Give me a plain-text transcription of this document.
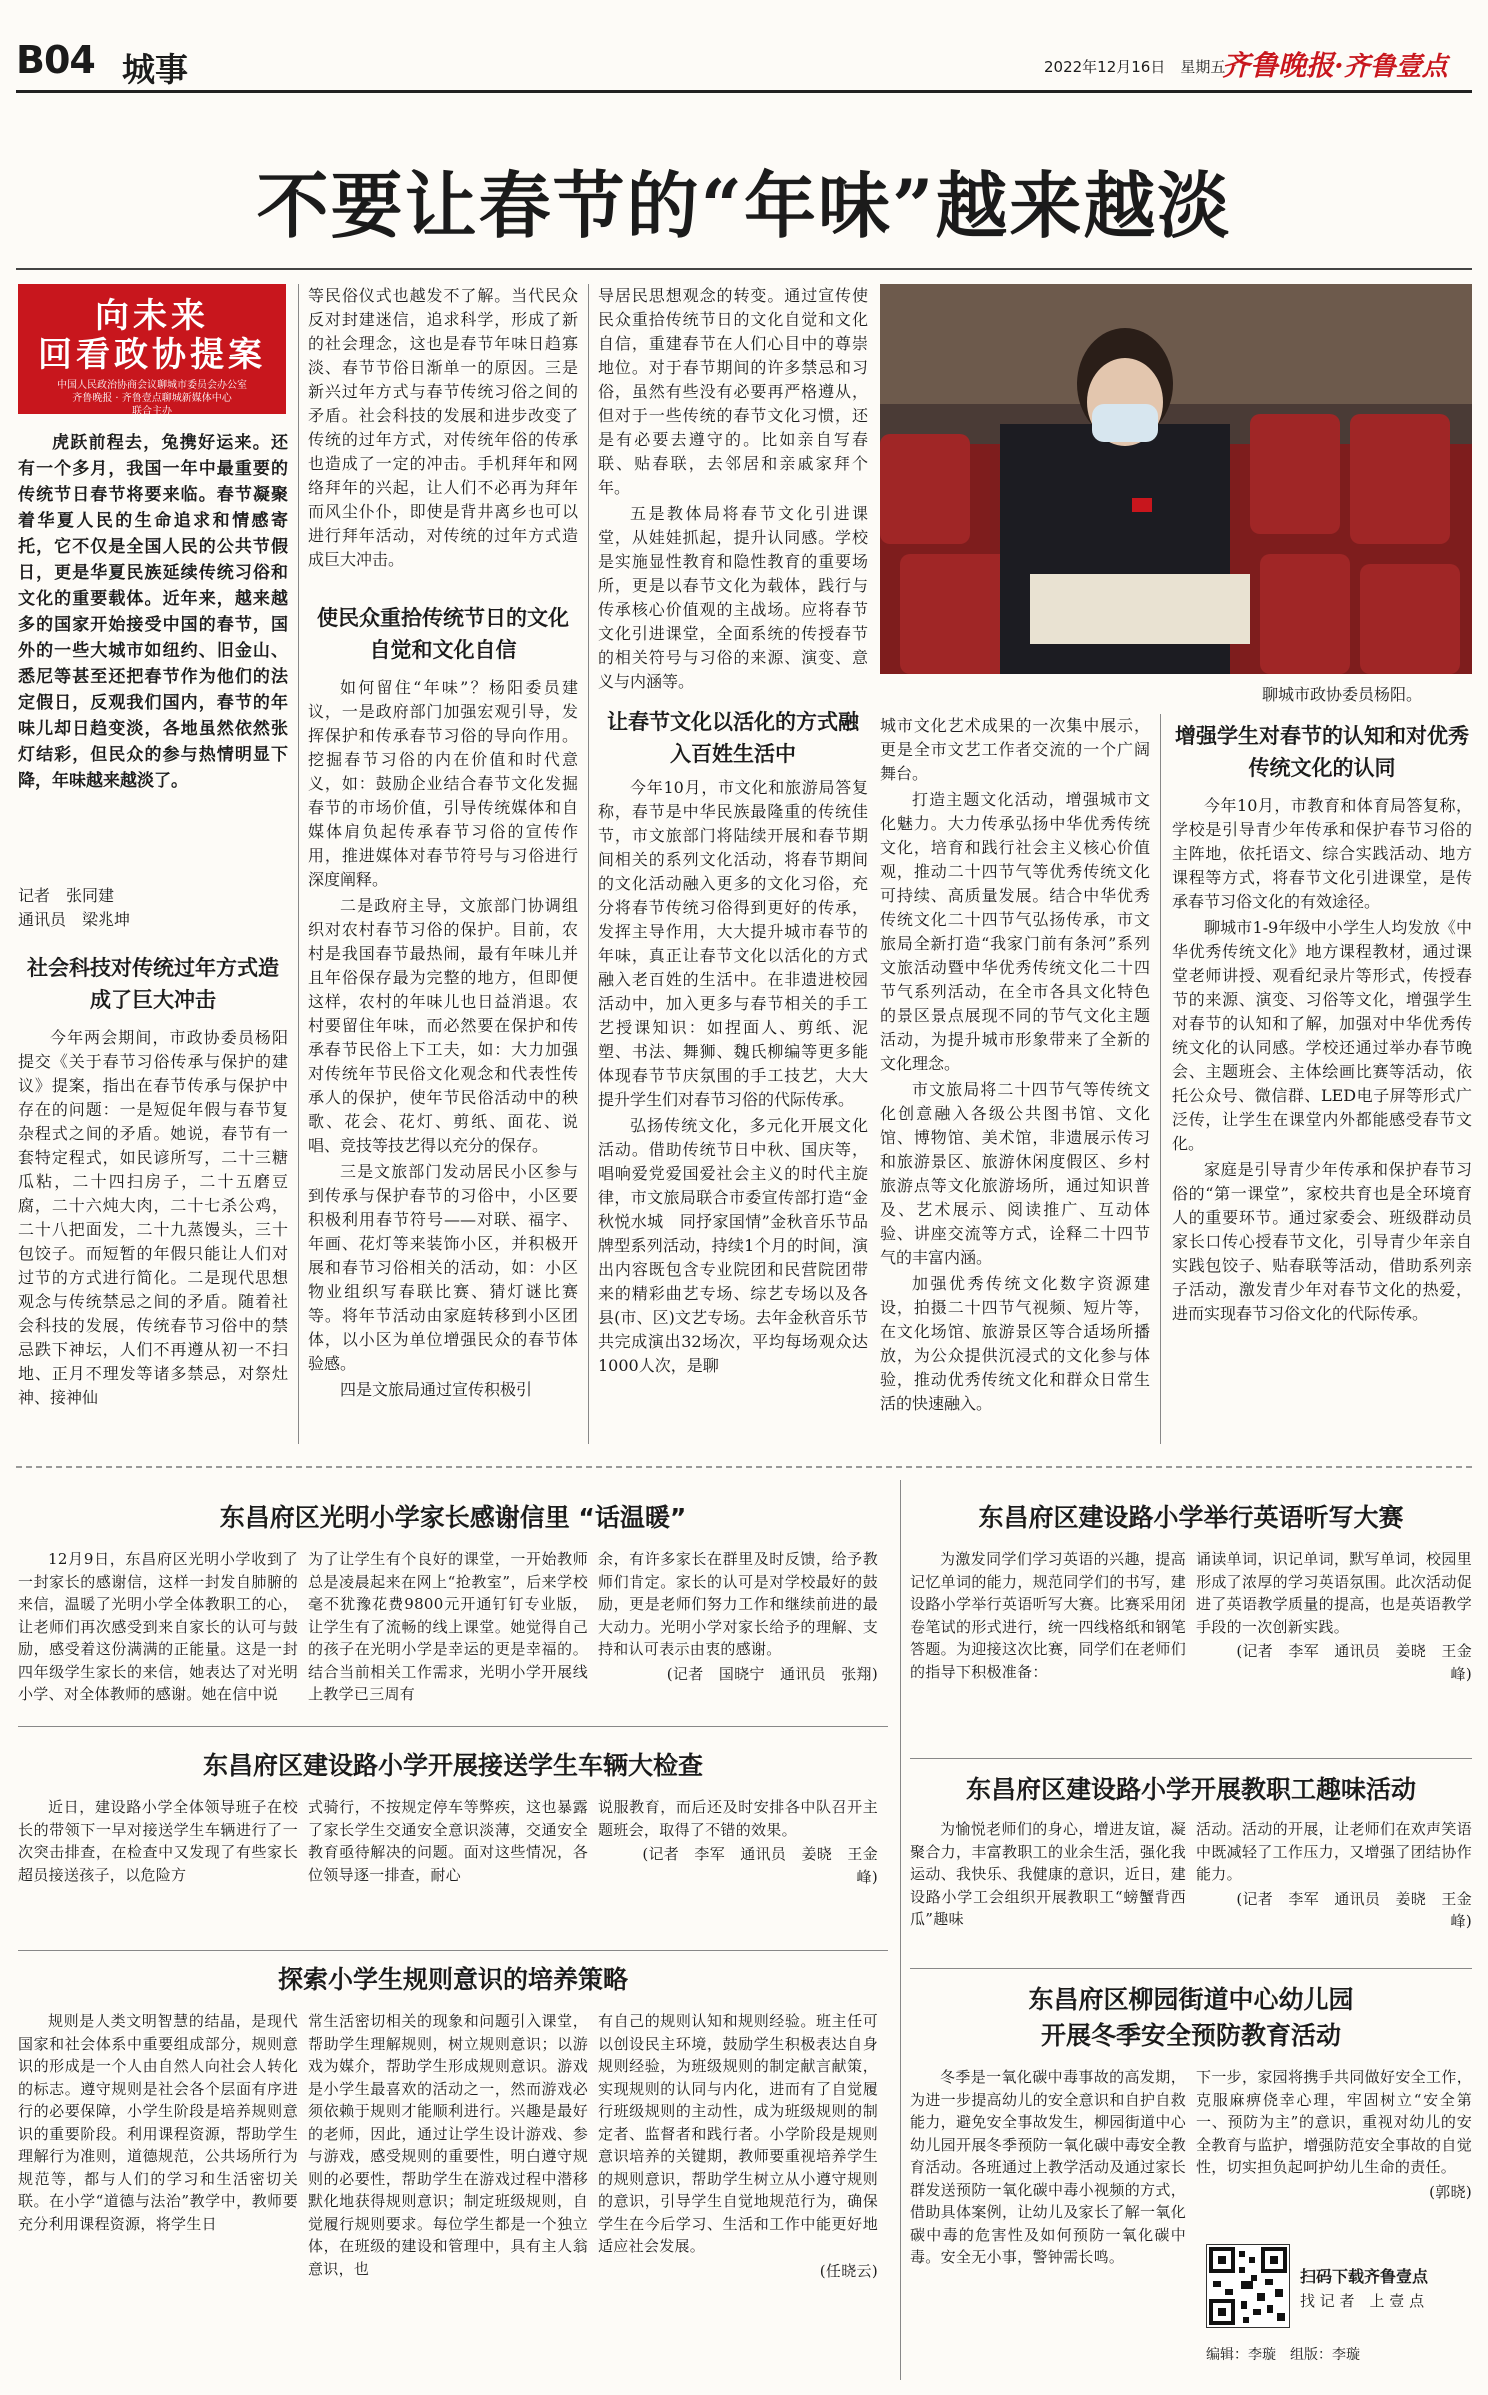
B04 城事	2022年12月16日　 星期五
齐鲁晚报·齐鲁壹点
不要让春节的“年味”越来越淡
向未来
回看政协提案
中国人民政治协商会议聊城市委员会办公室
齐鲁晚报 · 齐鲁壹点聊城新媒体中心
联合主办

虎跃前程去，兔携好运来。还有一个多月，我国一年中最重要的传统节日春节将要来临。春节凝聚着华夏人民的生命追求和情感寄托，它不仅是全国人民的公共节假日，更是华夏民族延续传统习俗和文化的重要载体。近年来，越来越多的国家开始接受中国的春节，国外的一些大城市如纽约、旧金山、悉尼等甚至还把春节作为他们的法定假日，反观我们国内，春节的年味儿却日趋变淡，各地虽然依然张灯结彩，但民众的参与热情明显下降，年味越来越淡了。

记者　张同建
通讯员　梁兆坤
社会科技对传统过年方式造成了巨大冲击

今年两会期间，市政协委员杨阳提交《关于春节习俗传承与保护的建议》提案，指出在春节传承与保护中存在的问题：一是短促年假与春节复杂程式之间的矛盾。她说，春节有一套特定程式，如民谚所写，二十三糖瓜粘，二十四扫房子，二十五磨豆腐，二十六炖大肉，二十七杀公鸡，二十八把面发，二十九蒸馒头，三十包饺子。而短暂的年假只能让人们对过节的方式进行简化。二是现代思想观念与传统禁忌之间的矛盾。随着社会科技的发展，传统春节习俗中的禁忌跌下神坛，人们不再遵从初一不扫地、正月不理发等诸多禁忌，对祭灶神、接神仙

等民俗仪式也越发不了解。当代民众反对封建迷信，追求科学，形成了新的社会理念，这也是春节年味日趋寡淡、春节节俗日渐单一的原因。三是新兴过年方式与春节传统习俗之间的矛盾。社会科技的发展和进步改变了传统的过年方式，对传统年俗的传承也造成了一定的冲击。手机拜年和网络拜年的兴起，让人们不必再为拜年而风尘仆仆，即使是背井离乡也可以进行拜年活动，对传统的过年方式造成巨大冲击。

使民众重拾传统节日的文化自觉和文化自信

如何留住“年味”？杨阳委员建议，一是政府部门加强宏观引导，发挥保护和传承春节习俗的导向作用。挖掘春节习俗的内在价值和时代意义，如：鼓励企业结合春节文化发掘春节的市场价值，引导传统媒体和自媒体肩负起传承春节习俗的宣传作用，推进媒体对春节符号与习俗进行深度阐释。

二是政府主导，文旅部门协调组织对农村春节习俗的保护。目前，农村是我国春节最热闹，最有年味儿并且年俗保存最为完整的地方，但即便这样，农村的年味儿也日益消退。农村要留住年味，而必然要在保护和传承春节民俗上下工夫，如：大力加强对传统年节民俗文化观念和代表性传承人的保护，使年节民俗活动中的秧歌、花会、花灯、剪纸、面花、说唱、竞技等技艺得以充分的保存。

三是文旅部门发动居民小区参与到传承与保护春节的习俗中，小区要积极利用春节符号——对联、福字、年画、花灯等来装饰小区，并积极开展和春节习俗相关的活动，如：小区物业组织写春联比赛、猜灯谜比赛等。将年节活动由家庭转移到小区团体，以小区为单位增强民众的春节体验感。

四是文旅局通过宣传积极引

导居民思想观念的转变。通过宣传使民众重拾传统节日的文化自觉和文化自信，重建春节在人们心目中的尊崇地位。对于春节期间的许多禁忌和习俗，虽然有些没有必要再严格遵从，但对于一些传统的春节文化习惯，还是有必要去遵守的。比如亲自写春联、贴春联，去邻居和亲戚家拜个年。

五是教体局将春节文化引进课堂，从娃娃抓起，提升认同感。学校是实施显性教育和隐性教育的重要场所，更是以春节文化为载体，践行与传承核心价值观的主战场。应将春节文化引进课堂，全面系统的传授春节的相关符号与习俗的来源、演变、意义与内涵等。

让春节文化以活化的方式融入百姓生活中

今年10月，市文化和旅游局答复称，春节是中华民族最隆重的传统佳节，市文旅部门将陆续开展和春节期间相关的系列文化活动，将春节期间的文化活动融入更多的文化习俗，充分将春节传统习俗得到更好的传承，发挥主导作用，大大提升城市春节的年味，真正让春节文化以活化的方式融入老百姓的生活中。在非遗进校园活动中，加入更多与春节相关的手工艺授课知识：如捏面人、剪纸、泥塑、书法、舞狮、魏氏柳编等更多能体现春节节庆氛围的手工技艺，大大提升学生们对春节习俗的代际传承。

弘扬传统文化，多元化开展文化活动。借助传统节日中秋、国庆等，唱响爱党爱国爱社会主义的时代主旋律，市文旅局联合市委宣传部打造“金秋悦水城　同抒家国情”金秋音乐节品牌型系列活动，持续1个月的时间，演出内容既包含专业院团和民营院团带来的精彩曲艺专场、综艺专场以及各县(市、区)文艺专场。去年金秋音乐节共完成演出32场次，平均每场观众达1000人次，是聊

聊城市政协委员杨阳。

城市文化艺术成果的一次集中展示，更是全市文艺工作者交流的一个广阔舞台。

打造主题文化活动，增强城市文化魅力。大力传承弘扬中华优秀传统文化，培育和践行社会主义核心价值观，推动二十四节气等优秀传统文化可持续、高质量发展。结合中华优秀传统文化二十四节气弘扬传承，市文旅局全新打造“我家门前有条河”系列文旅活动暨中华优秀传统文化二十四节气系列活动，在全市各具文化特色的景区景点展现不同的节气文化主题活动，为提升城市形象带来了全新的文化理念。

市文旅局将二十四节气等传统文化创意融入各级公共图书馆、文化馆、博物馆、美术馆，非遗展示传习和旅游景区、旅游休闲度假区、乡村旅游点等文化旅游场所，通过知识普及、艺术展示、阅读推广、互动体验、讲座交流等方式，诠释二十四节气的丰富内涵。

加强优秀传统文化数字资源建设，拍摄二十四节气视频、短片等，在文化场馆、旅游景区等合适场所播放，为公众提供沉浸式的文化参与体验，推动优秀传统文化和群众日常生活的快速融入。

增强学生对春节的认知和对优秀传统文化的认同

今年10月，市教育和体育局答复称，学校是引导青少年传承和保护春节习俗的主阵地，依托语文、综合实践活动、地方课程等方式，将春节文化引进课堂，是传承春节习俗文化的有效途径。

聊城市1-9年级中小学生人均发放《中华优秀传统文化》地方课程教材，通过课堂老师讲授、观看纪录片等形式，传授春节的来源、演变、习俗等文化，增强学生对春节的认知和了解，加强对中华优秀传统文化的认同感。学校还通过举办春节晚会、主题班会、主体绘画比赛等活动，依托公众号、微信群、LED电子屏等形式广泛传，让学生在课堂内外都能感受春节文化。

家庭是引导青少年传承和保护春节习俗的“第一课堂”，家校共育也是全环境育人的重要环节。通过家委会、班级群动员家长口传心授春节文化，引导青少年亲自实践包饺子、贴春联等活动，借助系列亲子活动，激发青少年对春节文化的热爱，进而实现春节习俗文化的代际传承。

东昌府区光明小学家长感谢信里 “话温暖”

12月9日，东昌府区光明小学收到了一封家长的感谢信，这样一封发自肺腑的来信，温暖了光明小学全体教职工的心，让老师们再次感受到来自家长的认可与鼓励，感受着这份满满的正能量。这是一封四年级学生家长的来信，她表达了对光明小学、对全体教师的感谢。她在信中说

为了让学生有个良好的课堂，一开始教师总是凌晨起来在网上“抢教室”，后来学校毫不犹豫花费9800元开通钉钉专业版，让学生有了流畅的线上课堂。她觉得自己的孩子在光明小学是幸运的更是幸福的。结合当前相关工作需求，光明小学开展线上教学已三周有

余，有许多家长在群里及时反馈，给予教师们肯定。家长的认可是对学校最好的鼓励，更是老师们努力工作和继续前进的最大动力。光明小学对家长给予的理解、支持和认可表示由衷的感谢。

(记者　国晓宁　通讯员　张翔)

东昌府区建设路小学举行英语听写大赛

为激发同学们学习英语的兴趣，提高记忆单词的能力，规范同学们的书写，建设路小学举行英语听写大赛。比赛采用闭卷笔试的形式进行，统一四线格纸和钢笔答题。为迎接这次比赛，同学们在老师们的指导下积极准备：

诵读单词，识记单词，默写单词，校园里形成了浓厚的学习英语氛围。此次活动促进了英语教学质量的提高，也是英语教学手段的一次创新实践。

(记者　李军　通讯员　姜晓　王金峰)

东昌府区建设路小学开展接送学生车辆大检查

近日，建设路小学全体领导班子在校长的带领下一早对接送学生车辆进行了一次突击排查，在检查中又发现了有些家长超员接送孩子，以危险方

式骑行，不按规定停车等弊疾，这也暴露了家长学生交通安全意识淡薄，交通安全教育亟待解决的问题。面对这些情况，各位领导逐一排查，耐心

说服教育，而后还及时安排各中队召开主题班会，取得了不错的效果。

(记者　李军　通讯员　姜晓　王金峰)

东昌府区建设路小学开展教职工趣味活动

为愉悦老师们的身心，增进友谊，凝聚合力，丰富教职工的业余生活，强化我运动、我快乐、我健康的意识，近日，建设路小学工会组织开展教职工“螃蟹背西瓜”趣味

活动。活动的开展，让老师们在欢声笑语中既减轻了工作压力，又增强了团结协作能力。

(记者　李军　通讯员　姜晓　王金峰)

探索小学生规则意识的培养策略

规则是人类文明智慧的结晶，是现代国家和社会体系中重要组成部分，规则意识的形成是一个人由自然人向社会人转化的标志。遵守规则是社会各个层面有序进行的必要保障，小学生阶段是培养规则意识的重要阶段。利用课程资源，帮助学生理解行为准则，道德规范，公共场所行为规范等，都与人们的学习和生活密切关联。在小学“道德与法治”教学中，教师要充分利用课程资源，将学生日

常生活密切相关的现象和问题引入课堂，帮助学生理解规则，树立规则意识；以游戏为媒介，帮助学生形成规则意识。游戏是小学生最喜欢的活动之一，然而游戏必须依赖于规则才能顺利进行。兴趣是最好的老师，因此，通过让学生设计游戏、参与游戏，感受规则的重要性，明白遵守规则的必要性，帮助学生在游戏过程中潜移默化地获得规则意识；制定班级规则，自觉履行规则要求。每位学生都是一个独立体，在班级的建设和管理中，具有主人翁意识，也

有自己的规则认知和规则经验。班主任可以创设民主环境，鼓励学生积极表达自身规则经验，为班级规则的制定献言献策，实现规则的认同与内化，进而有了自觉履行班级规则的主动性，成为班级规则的制定者、监督者和践行者。小学阶段是规则意识培养的关键期，教师要重视培养学生的规则意识，帮助学生树立从小遵守规则的意识，引导学生自觉地规范行为，确保学生在今后学习、生活和工作中能更好地适应社会发展。

(任晓云)

东昌府区柳园街道中心幼儿园
开展冬季安全预防教育活动

冬季是一氧化碳中毒事故的高发期，为进一步提高幼儿的安全意识和自护自救能力，避免安全事故发生，柳园街道中心幼儿园开展冬季预防一氧化碳中毒安全教育活动。各班通过上教学活动及通过家长群发送预防一氧化碳中毒小视频的方式，借助具体案例，让幼儿及家长了解一氧化碳中毒的危害性及如何预防一氧化碳中毒。安全无小事，警钟需长鸣。

下一步，家园将携手共同做好安全工作，克服麻痹侥幸心理，牢固树立“安全第一、预防为主”的意识，重视对幼儿的安全教育与监护，增强防范安全事故的自觉性，切实担负起呵护幼儿生命的责任。

(郭晓)

扫码下载齐鲁壹点
找 记 者　上 壹 点
编辑：李璇　组版：李璇
